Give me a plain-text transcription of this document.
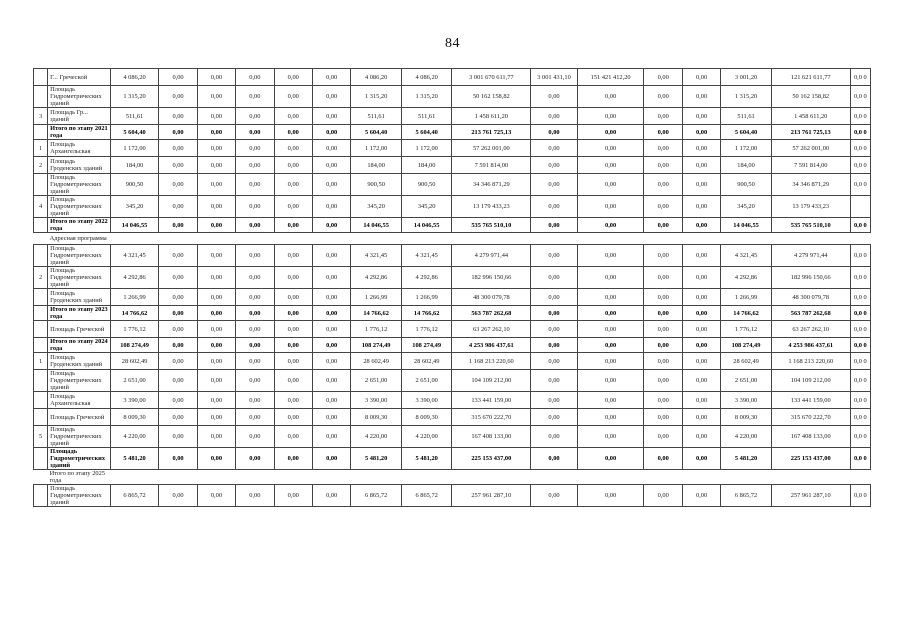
84
	Г... Греческой	4 086,20	0,00	0,00	0,00	0,00	0,00	4 086,20	4 086,20	3 001 670 611,77	3 001 431,10	151 421 412,20	0,00	0,00	3 001,20	121 621 611,77	0,0 0
	Площадь Гидрометрических зданий	1 315,20	0,00	0,00	0,00	0,00	0,00	1 315,20	1 315,20	50 162 158,82	0,00	0,00	0,00	0,00	1 315,20	50 162 158,82	0,0 0
3	Площадь Гр... зданий	511,61	0,00	0,00	0,00	0,00	0,00	511,61	511,61	1 458 611,20	0,00	0,00	0,00	0,00	511,61	1 458 611,20	0,0 0
	Итого по этапу 2021 года	5 604,40	0,00	0,00	0,00	0,00	0,00	5 604,40	5 604,40	213 761 725,13	0,00	0,00	0,00	0,00	5 604,40	213 761 725,13	0,0 0
1	Площадь Архангельская	1 172,00	0,00	0,00	0,00	0,00	0,00	1 172,00	1 172,00	57 262 001,00	0,00	0,00	0,00	0,00	1 172,00	57 262 001,00	0,0 0
2	Площадь Гроденских зданий	184,00	0,00	0,00	0,00	0,00	0,00	184,00	184,00	7 591 814,00	0,00	0,00	0,00	0,00	184,00	7 591 814,00	0,0 0
	Площадь Гидрометрических зданий	900,50	0,00	0,00	0,00	0,00	0,00	900,50	900,50	34 346 871,29	0,00	0,00	0,00	0,00	900,50	34 346 871,29	0,0 0
4	Площадь Гидрометрических зданий	345,20	0,00	0,00	0,00	0,00	0,00	345,20	345,20	13 179 433,23	0,00	0,00	0,00	0,00	345,20	13 179 433,23	
	Итого по этапу 2022 года	14 046,55	0,00	0,00	0,00	0,00	0,00	14 046,55	14 046,55	535 765 510,10	0,00	0,00	0,00	0,00	14 046,55	535 765 510,10	0,0 0
	Адресная программа																
	Площадь Гидрометрических зданий	4 321,45	0,00	0,00	0,00	0,00	0,00	4 321,45	4 321,45	4 279 971,44	0,00	0,00	0,00	0,00	4 321,45	4 279 971,44	0,0 0
2	Площадь Гидрометрических зданий	4 292,86	0,00	0,00	0,00	0,00	0,00	4 292,86	4 292,86	182 996 150,66	0,00	0,00	0,00	0,00	4 292,86	182 996 150,66	0,0 0
	Площадь Гроденских зданий	1 266,99	0,00	0,00	0,00	0,00	0,00	1 266,99	1 266,99	48 300 079,78	0,00	0,00	0,00	0,00	1 266,99	48 300 079,78	0,0 0
	Итого по этапу 2023 года	14 766,62	0,00	0,00	0,00	0,00	0,00	14 766,62	14 766,62	563 787 262,68	0,00	0,00	0,00	0,00	14 766,62	563 787 262,68	0,0 0
	Площадь Греческой	1 776,12	0,00	0,00	0,00	0,00	0,00	1 776,12	1 776,12	63 267 262,10	0,00	0,00	0,00	0,00	1 776,12	63 267 262,10	0,0 0
	Итого по этапу 2024 года	108 274,49	0,00	0,00	0,00	0,00	0,00	108 274,49	108 274,49	4 253 986 437,61	0,00	0,00	0,00	0,00	108 274,49	4 253 986 437,61	0,0 0
1	Площадь Гроденских зданий	28 602,49	0,00	0,00	0,00	0,00	0,00	28 602,49	28 602,49	1 168 213 220,60	0,00	0,00	0,00	0,00	28 602,49	1 168 213 220,60	0,0 0
	Площадь Гидрометрических зданий	2 651,00	0,00	0,00	0,00	0,00	0,00	2 651,00	2 651,00	104 109 212,00	0,00	0,00	0,00	0,00	2 651,00	104 109 212,00	0,0 0
	Площадь Архангельская	3 390,00	0,00	0,00	0,00	0,00	0,00	3 390,00	3 390,00	133 441 159,00	0,00	0,00	0,00	0,00	3 390,00	133 441 159,00	0,0 0
	Площадь Греческой	8 009,30	0,00	0,00	0,00	0,00	0,00	8 009,30	8 009,30	315 670 222,70	0,00	0,00	0,00	0,00	8 009,30	315 670 222,70	0,0 0
5	Площадь Гидрометрических зданий	4 220,00	0,00	0,00	0,00	0,00	0,00	4 220,00	4 220,00	167 408 133,00	0,00	0,00	0,00	0,00	4 220,00	167 408 133,00	0,0 0
	Площадь Гидрометрических зданий	5 481,20	0,00	0,00	0,00	0,00	0,00	5 481,20	5 481,20	225 153 437,00	0,00	0,00	0,00	0,00	5 481,20	225 153 437,00	0,0 0
	Итого по этапу 2025 года																
	Площадь Гидрометрических зданий	6 865,72	0,00	0,00	0,00	0,00	0,00	6 865,72	6 865,72	257 961 287,10	0,00	0,00	0,00	0,00	6 865,72	257 961 287,10	0,0 0
